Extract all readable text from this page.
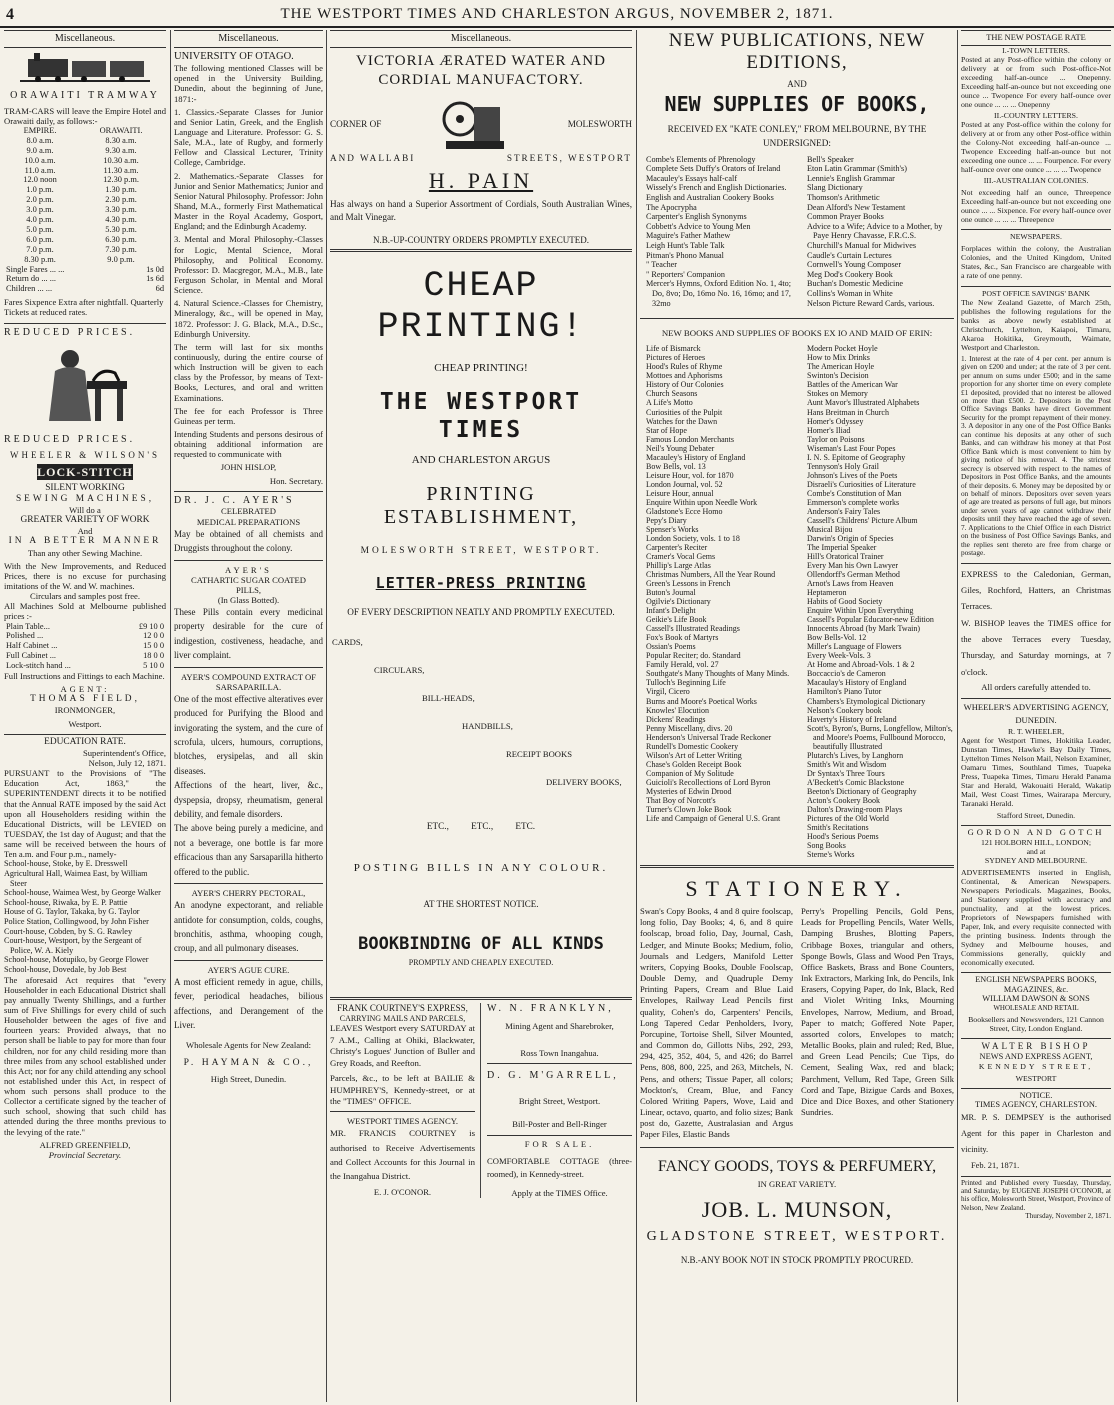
4	THE WESTPORT TIMES AND CHARLESTON ARGUS, NOVEMBER 2, 1871.
Miscellaneous.
ORAWAITI TRAMWAY
TRAM-CARS will leave the Empire Hotel and Orawaiti daily, as follows:-
EMPIRE.	ORAWAITI.
8.0 a.m.	8.30 a.m.
9.0 a.m.	9.30 a.m.
10.0 a.m.	10.30 a.m.
11.0 a.m.	11.30 a.m.
12.0 noon	12.30 p.m.
1.0 p.m.	1.30 p.m.
2.0 p.m.	2.30 p.m.
3.0 p.m.	3.30 p.m.
4.0 p.m.	4.30 p.m.
5.0 p.m.	5.30 p.m.
6.0 p.m.	6.30 p.m.
7.0 p.m.	7.30 p.m.
8.30 p.m.	9.0 p.m.
Single Fares ... ...	1s 0d
Return do ... ...	1s 6d
Children ... ...	6d
Fares Sixpence Extra after nightfall. Quarterly Tickets at reduced rates.
REDUCED PRICES.
REDUCED PRICES.
WHEELER & WILSON'S
LOCK-STITCH
SILENT WORKING
SEWING MACHINES,
Will do a
GREATER VARIETY OF WORK
And
IN A BETTER MANNER
Than any other Sewing Machine.
With the New Improvements, and Reduced Prices, there is no excuse for purchasing imitations of the W. and W. machines.
Circulars and samples post free.
All Machines Sold at Melbourne published prices :-
Plain Table...	£9 10 0
Polished ...	12 0 0
Half Cabinet ...	15 0 0
Full Cabinet ...	18 0 0
Lock-stitch hand ...	5 10 0
Full Instructions and Fittings to each Machine.
AGENT:
THOMAS FIELD,
IRONMONGER,
Westport.
EDUCATION RATE.
Superintendent's Office,
Nelson, July 12, 1871.
PURSUANT to the Provisions of "The Education Act, 1863," the SUPERINTENDENT directs it to be notified that the Annual RATE imposed by the said Act upon all Householders residing within the Educational Districts, will be LEVIED on TUESDAY, the 1st day of August; and that the same will be received between the hours of Ten a.m. and Four p.m., namely-
School-house, Stoke, by E. Dresswell
Agricultural Hall, Waimea East, by William Steer
School-house, Waimea West, by George Walker
School-house, Riwaka, by E. P. Pattie
House of G. Taylor, Takaka, by G. Taylor
Police Station, Collingwood, by John Fisher
Court-house, Cobden, by S. G. Rawley
Court-house, Westport, by the Sergeant of Police, W. A. Kiely
School-house, Motupiko, by George Flower
School-house, Dovedale, by Job Best
The aforesaid Act requires that "every Householder in each Educational District shall pay annually Twenty Shillings, and a further sum of Five Shillings for every child of such Householder between the ages of five and fourteen years: Provided always, that no person shall be liable to pay for more than four children, nor for any child residing more than three miles from any school established under this Act; nor for any child attending any school not established under this Act, in respect of whom such persons shall produce to the Collector a certificate signed by the teacher of such school, showing that such child has attended during the three months previous to the levying of the rate."
ALFRED GREENFIELD,
Provincial Secretary.
Miscellaneous.
UNIVERSITY OF OTAGO.
The following mentioned Classes will be opened in the University Building, Dunedin, about the beginning of June, 1871:-
1. Classics.-Separate Classes for Junior and Senior Latin, Greek, and the English Language and Literature. Professor: G. S. Sale, M.A., late of Rugby, and formerly Fellow and Classical Lecturer, Trinity College, Cambridge.
2. Mathematics.-Separate Classes for Junior and Senior Mathematics; Junior and Senior Natural Philosophy. Professor: John Shand, M.A., formerly First Mathematical Master in the Royal Academy, Gosport, England; and the Edinburgh Academy.
3. Mental and Moral Philosophy.-Classes for Logic, Mental Science, Moral Philosophy, and Political Economy. Professor: D. Macgregor, M.A., M.B., late Ferguson Scholar, in Mental and Moral Science.
4. Natural Science.-Classes for Chemistry, Mineralogy, &c., will be opened in May, 1872. Professor: J. G. Black, M.A., D.Sc., Edinburgh University.
The term will last for six months continuously, during the entire course of which Instruction will be given to each class by the Professor, by means of Text-Books, Lectures, and oral and written Examinations.
The fee for each Professor is Three Guineas per term.
Intending Students and persons desirous of obtaining additional information are requested to communicate with
JOHN HISLOP,
Hon. Secretary.
DR. J. C. AYER'S
CELEBRATED
MEDICAL PREPARATIONS
May be obtained of all chemists and Druggists throughout the colony.
AYER'S
CATHARTIC SUGAR COATED
PILLS,
(In Glass Botted).
These Pills contain every medicinal property desirable for the cure of indigestion, costiveness, headache, and liver complaint.
AYER'S COMPOUND EXTRACT OF
SARSAPARILLA.
One of the most effective alteratives ever produced for Purifying the Blood and invigorating the system, and the cure of scrofula, ulcers, humours, corruptions, blotches, erysipelas, and all skin diseases.
Affections of the heart, liver, &c., dyspepsia, dropsy, rheumatism, general debility, and female disorders.
The above being purely a medicine, and not a beverage, one bottle is far more efficacious than any Sarsaparilla hitherto offered to the public.
AYER'S CHERRY PECTORAL,
An anodyne expectorant, and reliable antidote for consumption, colds, coughs, bronchitis, asthma, whooping cough, croup, and all pulmonary diseases.
AYER'S AGUE CURE.
A most efficient remedy in ague, chills, fever, periodical headaches, bilious affections, and Derangement of the Liver.
Wholesale Agents for New Zealand:
P. HAYMAN & CO.,
High Street, Dunedin.
Miscellaneous.
VICTORIA ÆRATED WATER AND CORDIAL MANUFACTORY.
CORNER OF	MOLESWORTH
AND WALLABI	STREETS, WESTPORT
H. PAIN
Has always on hand a Superior Assortment of Cordials, South Australian Wines, and Malt Vinegar.
N.B.-UP-COUNTRY ORDERS PROMPTLY EXECUTED.
CHEAP PRINTING!
CHEAP PRINTING!
THE WESTPORT TIMES
AND CHARLESTON ARGUS
PRINTING ESTABLISHMENT,
MOLESWORTH STREET, WESTPORT.
LETTER-PRESS PRINTING
OF EVERY DESCRIPTION NEATLY AND PROMPTLY EXECUTED.
CARDS,
CIRCULARS,
BILL-HEADS,
HANDBILLS,
RECEIPT BOOKS
DELIVERY BOOKS,
ETC., ETC., ETC.
POSTING BILLS IN ANY COLOUR.
AT THE SHORTEST NOTICE.
BOOKBINDING OF ALL KINDS
PROMPTLY AND CHEAPLY EXECUTED.
FRANK COURTNEY'S EXPRESS,
CARRYING MAILS AND PARCELS,
LEAVES Westport every SATURDAY at 7 A.M., Calling at Ohiki, Blackwater, Christy's Logues' Junction of Buller and Grey Roads, and Reefton.
Parcels, &c., to be left at BAILIE & HUMPHREY'S, Kennedy-street, or at the "TIMES" OFFICE.
WESTPORT TIMES AGENCY.
MR. FRANCIS COURTNEY is authorised to Receive Advertisements and Collect Accounts for this Journal in the Inangahua District.
E. J. O'CONOR.
W. N. FRANKLYN,
Mining Agent and Sharebroker,
Ross Town Inangahua.
D. G. M'GARRELL,
Bright Street, Westport.
Bill-Poster and Bell-Ringer
FOR SALE.
COMFORTABLE COTTAGE (three-roomed), in Kennedy-street.
Apply at the TIMES Office.
NEW PUBLICATIONS, NEW EDITIONS,
AND
NEW SUPPLIES OF BOOKS,
RECEIVED EX "KATE CONLEY," FROM MELBOURNE, BY THE UNDERSIGNED:
Combe's Elements of Phrenology
Complete Sets Duffy's Orators of Ireland
Macauley's Essays half-calf
Wissely's French and English Dictionaries.
English and Australian Cookery Books
The Apocrypha
Carpenter's English Synonyms
Cobbett's Advice to Young Men
Maguire's Father Mathew
Leigh Hunt's Table Talk
Pitman's Phono Manual
" Teacher
" Reporters' Companion
Mercer's Hymns, Oxford Edition No. 1, 4to; Do, 8vo; Do, 16mo No. 16, 16mo; and 17, 32mo
Bell's Speaker
Eton Latin Grammar (Smith's)
Lennie's English Grammar
Slang Dictionary
Thomson's Arithmetic
Dean Alford's New Testament
Common Prayer Books
Advice to a Wife; Advice to a Mother, by Paye Henry Chavasse, F.R.C.S.
Churchill's Manual for Midwives
Caudle's Curtain Lectures
Cornwell's Young Composer
Meg Dod's Cookery Book
Buchan's Domestic Medicine
Collins's Woman in White
Nelson Picture Reward Cards, various.
NEW BOOKS AND SUPPLIES OF BOOKS EX IO AND MAID OF ERIN:
Life of Bismarck
Pictures of Heroes
Hood's Rules of Rhyme
Mottoes and Aphorisms
History of Our Colonies
Church Seasons
A Life's Motto
Curiosities of the Pulpit
Watches for the Dawn
Star of Hope
Famous London Merchants
Neil's Young Debater
Macauley's History of England
Bow Bells, vol. 13
Leisure Hour, vol. for 1870
London Journal, vol. 52
Leisure Hour, annual
Enquire Within upon Needle Work
Gladstone's Ecce Homo
Pepy's Diary
Spenser's Works
London Society, vols. 1 to 18
Carpenter's Reciter
Cramer's Vocal Gems
Phillip's Large Atlas
Christmas Numbers, All the Year Round
Green's Lessons in French
Buton's Journal
Ogilvie's Dictionary
Infant's Delight
Geikie's Life Book
Cassell's Illustrated Readings
Fox's Book of Martyrs
Ossian's Poems
Popular Reciter; do. Standard
Family Herald, vol. 27
Southgate's Many Thoughts of Many Minds.
Tulloch's Beginning Life
Virgil, Cicero
Burns and Moore's Poetical Works
Knowles' Elocution
Dickens' Readings
Penny Miscellany, divs. 20
Henderson's Universal Trade Reckoner
Rundell's Domestic Cookery
Wilson's Art of Letter Writing
Chase's Golden Receipt Book
Companion of My Solitude
Guicioli's Recollections of Lord Byron
Mysteries of Edwin Drood
That Boy of Norcott's
Turner's Clown Joke Book
Life and Campaign of General U.S. Grant
Modern Pocket Hoyle
How to Mix Drinks
The American Hoyle
Swinton's Decision
Battles of the American War
Stokes on Memory
Aunt Mavor's Illustrated Alphabets
Hans Breitman in Church
Homer's Odyssey
Homer's Iliad
Taylor on Poisons
Wiseman's Last Four Popes
I. N. S. Epitome of Geography
Tennyson's Holy Grail
Johnson's Lives of the Poets
Disraeli's Curiosities of Literature
Combe's Constitution of Man
Emmerson's complete works
Anderson's Fairy Tales
Cassell's Childrens' Picture Album
Musical Bijou
Darwin's Origin of Species
The Imperial Speaker
Hill's Oratorical Trainer
Every Man his Own Lawyer
Ollendorff's German Method
Arnot's Laws from Heaven
Heptameron
Habits of Good Society
Enquire Within Upon Everything
Cassell's Popular Educator-new Edition
Innocents Abroad (by Mark Twain)
Bow Bells-Vol. 12
Miller's Language of Flowers
Every Week-Vols. 3
At Home and Abroad-Vols. 1 & 2
Boccaccio's de Cameron
Macaulay's History of England
Hamilton's Piano Tutor
Chambers's Etymological Dictionary
Nelson's Cookery book
Haverty's History of Ireland
Scott's, Byron's, Burns, Longfellow, Milton's, and Moore's Poems, Fullbound Morocco, beautifully Illustrated
Plutarch's Lives, by Langhorn
Smith's Wit and Wisdom
Dr Syntax's Three Tours
A'Beckett's Comic Blackstone
Beeton's Dictionary of Geography
Acton's Cookery Book
Dalton's Drawing-room Plays
Pictures of the Old World
Smith's Recitations
Hood's Serious Poems
Song Books
Sterne's Works
STATIONERY.
Swan's Copy Books, 4 and 8 quire foolscap, long folio, Day Books; 4, 6, and 8 quire foolscap, broad folio, Day, Journal, Cash, Ledger, and Minute Books; Medium, folio, Journals and Ledgers, Manifold Letter writers, Copying Books, Double Foolscap, Double Demy, and Quadruple Demy Printing Papers, Cream and Blue Laid Envelopes, Railway Lead Pencils first quality, Cohen's do, Carpenters' Pencils, Long Tapered Cedar Penholders, Ivory, Porcupine, Tortoise Shell, Silver Mounted, and Common do, Gillotts Nibs, 292, 293, 294, 425, 352, 404, 5, and 426; do Barrel Pens, 808, 800, 225, and 263, Mitchels, N. Pens, and others; Tissue Paper, all colors; Mockton's, Cream, Blue, and Fancy Colored Writing Papers, Wove, Laid and Linear, octavo, quarto, and folio sizes; Bank post do, Gazette, Australasian and Argus Paper Files, Elastic Bands
Perry's Propelling Pencils, Gold Pens, Leads for Propelling Pencils, Water Wells, Damping Brushes, Blotting Papers, Cribbage Boxes, triangular and others, Sponge Bowls, Glass and Wood Pen Trays, Office Baskets, Brass and Bone Counters, Ink Extractors, Marking Ink, do Pencils, Ink Erasers, Copying Paper, do Ink, Black, Red and Violet Writing Inks, Mourning Envelopes, Narrow, Medium, and Broad, Paper to match; Goffered Note Paper, assorted colors, Envelopes to match; Metallic Books, plain and ruled; Red, Blue, and Green Lead Pencils; Cue Tips, do Cement, Sealing Wax, red and black; Parchment, Vellum, Red Tape, Green Silk Cord and Tape, Bizigue Cards and Boxes, Dice and Dice Boxes, and other Stationery Sundries.
FANCY GOODS, TOYS & PERFUMERY,
IN GREAT VARIETY.
JOB. L. MUNSON,
GLADSTONE STREET, WESTPORT.
N.B.-ANY BOOK NOT IN STOCK PROMPTLY PROCURED.
THE NEW POSTAGE RATE
I.-TOWN LETTERS.
Posted at any Post-office within the colony or delivery at or from such Post-office-Not exceeding half-an-ounce ... Onepenny. Exceeding half-an-ounce but not exceeding one ounce ... Twopence For every half-ounce over one ounce ... ... ... Onepenny
II.-COUNTRY LETTERS.
Posted at any Post-office within the colony for delivery at or from any other Post-office within the Colony-Not exceeding half-an-ounce ... Twopence Exceeding half-an-ounce but not exceeding one ounce ... ... Fourpence. For every half-ounce over one ounce ... ... ... Twopence
III.-AUSTRALIAN COLONIES.
Not exceeding half an ounce, Threepence Exceeding half-an-ounce but not exceeding one ounce ... ... Sixpence. For every half-ounce over one ounce ... ... ... Threepence
NEWSPAPERS.
Forplaces within the colony, the Australian Colonies, and the United Kingdom, United States, &c., San Francisco are chargeable with a rate of one penny.
POST OFFICE SAVINGS' BANK
The New Zealand Gazette, of March 25th, publishes the following regulations for the banks as above newly established at Christchurch, Lyttelton, Kaiapoi, Timaru, Akaroa Hokitika, Greymouth, Waimate, Westport and Charleston.
1. Interest at the rate of 4 per cent. per annum is given on £200 and under; at the rate of 3 per cent. per annum on sums under £500; and in the same proportion for any shorter time on every complete £1 deposited, provided that no interest be allowed on more than £500. 2. Depositors in the Post Office Savings Banks have direct Government Security for the prompt repayment of their money. 3. A depositor in any one of the Post Office Banks can continue his deposits at any other of such Banks, and can withdraw his money at that Post Office Bank which is most convenient to him by giving notice of his removal. 4. The strictest secrecy is observed with respect to the names of Depositors in Post Office Banks, and the amounts of their deposits. 6. Money may be deposited by or on behalf of minors. Depositors over seven years of age are treated as persons of full age, but minors under seven years of age cannot withdraw their deposits until they have reached the age of seven. 7. Applications to the Chief Office in each District on the business of Post Office Savings Banks, and the replies sent thereto are free from charge or postage.
EXPRESS to the Caledonian, German, Giles, Rochford, Hatters, an Christmas Terraces.
W. BISHOP leaves the TIMES office for the above Terraces every Tuesday, Thursday, and Saturday mornings, at 7 o'clock.
All orders carefully attended to.
WHEELER'S ADVERTISING AGENCY, DUNEDIN.
R. T. WHEELER,
Agent for Westport Times, Hokitika Leader, Dunstan Times, Hawke's Bay Daily Times, Lyttelton Times Nelson Mail, Nelson Examiner, Oamaru Times, Southland Times, Tuapeka Press, Tuapeka Times, Timaru Herald Panama Star and Herald, Wakouaiti Herald, Wakatip Mail, West Coast Times, Wairarapa Mercury, Taranaki Herald.
Stafford Street, Dunedin.
GORDON AND GOTCH
121 HOLBORN HILL, LONDON;
and at
SYDNEY AND MELBOURNE.
ADVERTISEMENTS inserted in English, Continental, & American Newspapers. Newspapers Periodicals. Magazines, Books, and Stationery supplied with accuracy and punctuality, and at the lowest prices. Proprietors of Newspapers furnished with Paper, Ink, and every requisite connected with the printing business. Indents through the Sydney and Melbourne houses, and Commissions generally, quickly and economically executed.
ENGLISH NEWSPAPERS BOOKS, MAGAZINES, &c.
WILLIAM DAWSON & SONS
WHOLESALE AND RETAIL
Booksellers and Newsvenders, 121 Cannon Street, City, London England.
WALTER BISHOP
NEWS AND EXPRESS AGENT,
KENNEDY STREET,
WESTPORT
NOTICE.
TIMES AGENCY, CHARLESTON.
MR. P. S. DEMPSEY is the authorised Agent for this paper in Charleston and vicinity.
Feb. 21, 1871.
Printed and Published every Tuesday, Thursday, and Saturday, by EUGENE JOSEPH O'CONOR, at his office, Molesworth Street, Westport, Province of Nelson, New Zealand.
Thursday, November 2, 1871.
